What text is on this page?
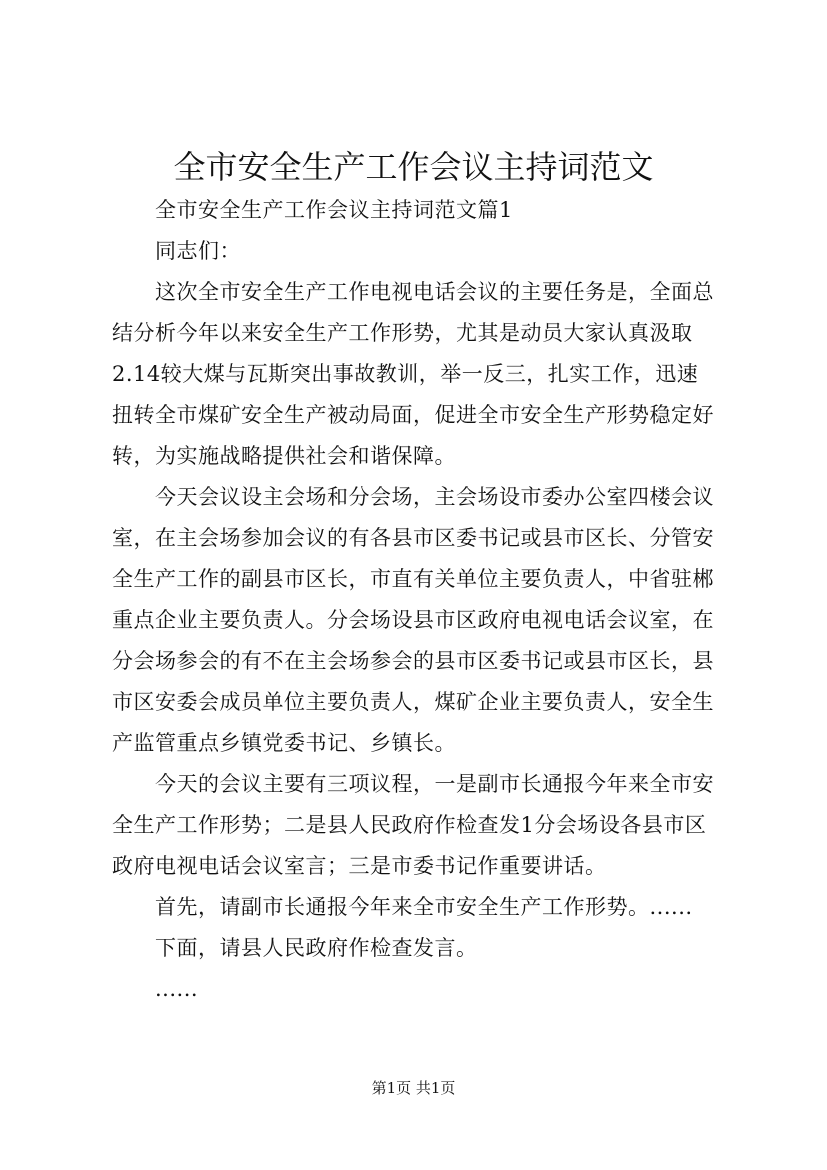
全市安全生产工作会议主持词范文
全市安全生产工作会议主持词范文篇1
同志们：
这次全市安全生产工作电视电话会议的主要任务是，全面总
结分析今年以来安全生产工作形势，尤其是动员大家认真汲取
2.14较大煤与瓦斯突出事故教训，举一反三，扎实工作，迅速
扭转全市煤矿安全生产被动局面，促进全市安全生产形势稳定好
转，为实施战略提供社会和谐保障。
今天会议设主会场和分会场，主会场设市委办公室四楼会议
室，在主会场参加会议的有各县市区委书记或县市区长、分管安
全生产工作的副县市区长，市直有关单位主要负责人，中省驻郴
重点企业主要负责人。分会场设县市区政府电视电话会议室，在
分会场参会的有不在主会场参会的县市区委书记或县市区长，县
市区安委会成员单位主要负责人，煤矿企业主要负责人，安全生
产监管重点乡镇党委书记、乡镇长。
今天的会议主要有三项议程，一是副市长通报今年来全市安
全生产工作形势；二是县人民政府作检查发1分会场设各县市区
政府电视电话会议室言；三是市委书记作重要讲话。
首先，请副市长通报今年来全市安全生产工作形势。......
下面，请县人民政府作检查发言。
......
第1页 共1页
